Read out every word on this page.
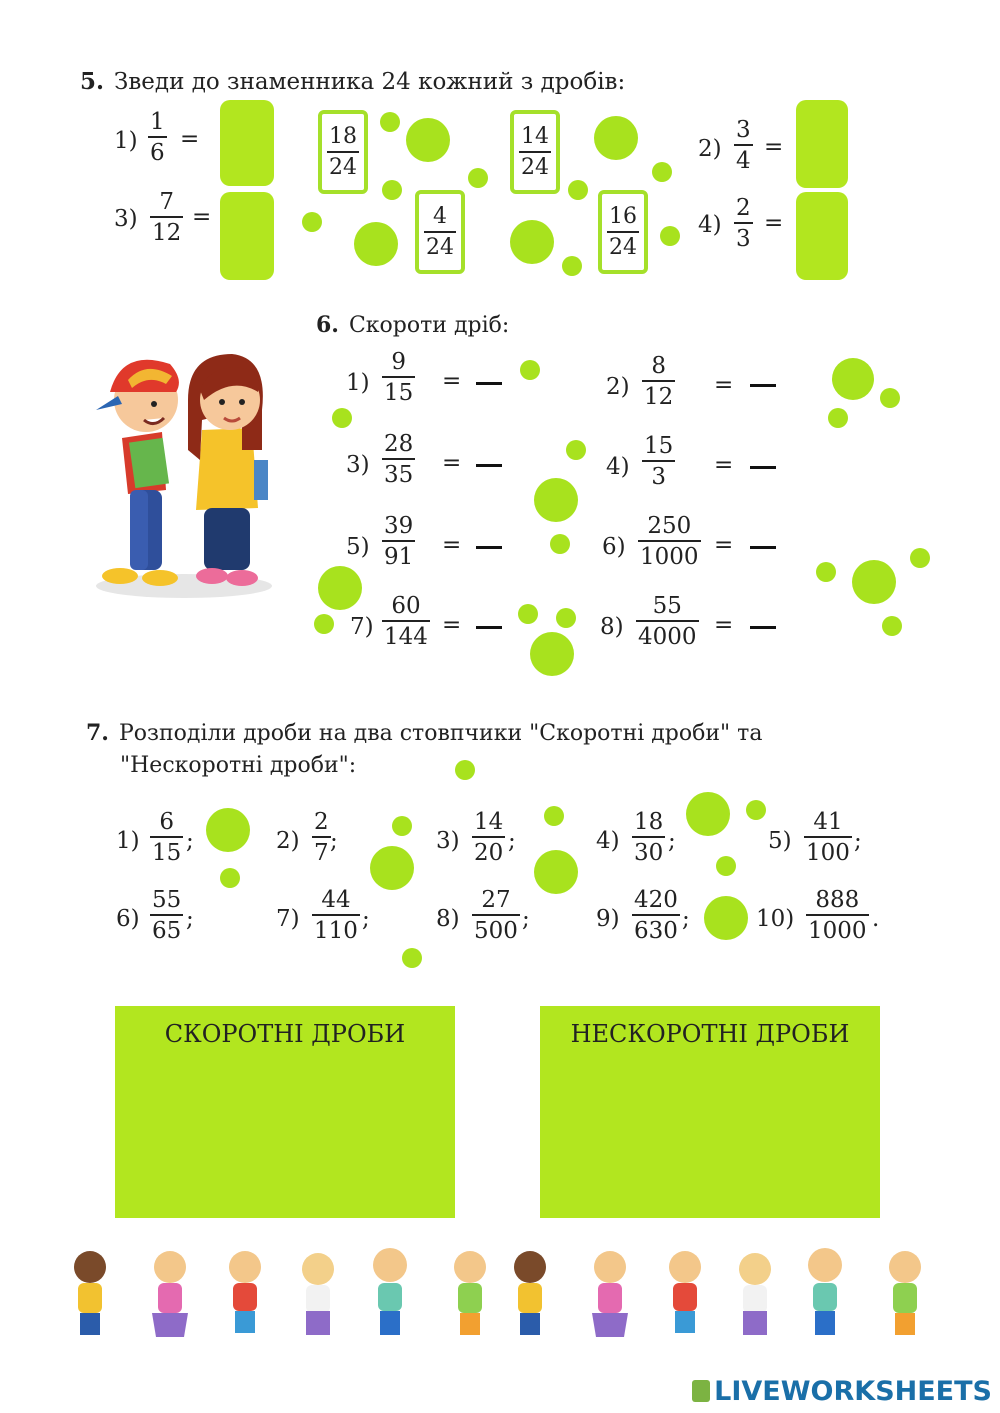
5. Зведи до знаменника 24 кожний з дробів:
1)
1
6
=
3)
7
12
=
2)
3
4
=
4)
2
3
=
$\frac{18}{24}$	$\frac{14}{24}$
$\frac{4}{24}$	$\frac{16}{24}$
6. Скороти дріб:
1)
9
15 =	2)
8
12 =
3)
28
35 =	4)
15
3 =
5)
39
91 =	6)
250
1000 =
7)
60
144 =	8)
55
4000 =
7. Розподіли дроби на два стовпчики "Скоротні дроби" та
"Нескоротні дроби":
1)
6
15 ;	2)
2
7 ;	3)
14
20 ;	4)
18
30 ;	5)
41
100 ;
6)
55
65 ;	7)
44
110 ;	8)
27
500 ;	9)
420
630 ;	10)
888
1000 .
СКОРОТНІ ДРОБИ	НЕСКОРОТНІ ДРОБИ
LIVEWORKSHEETS
